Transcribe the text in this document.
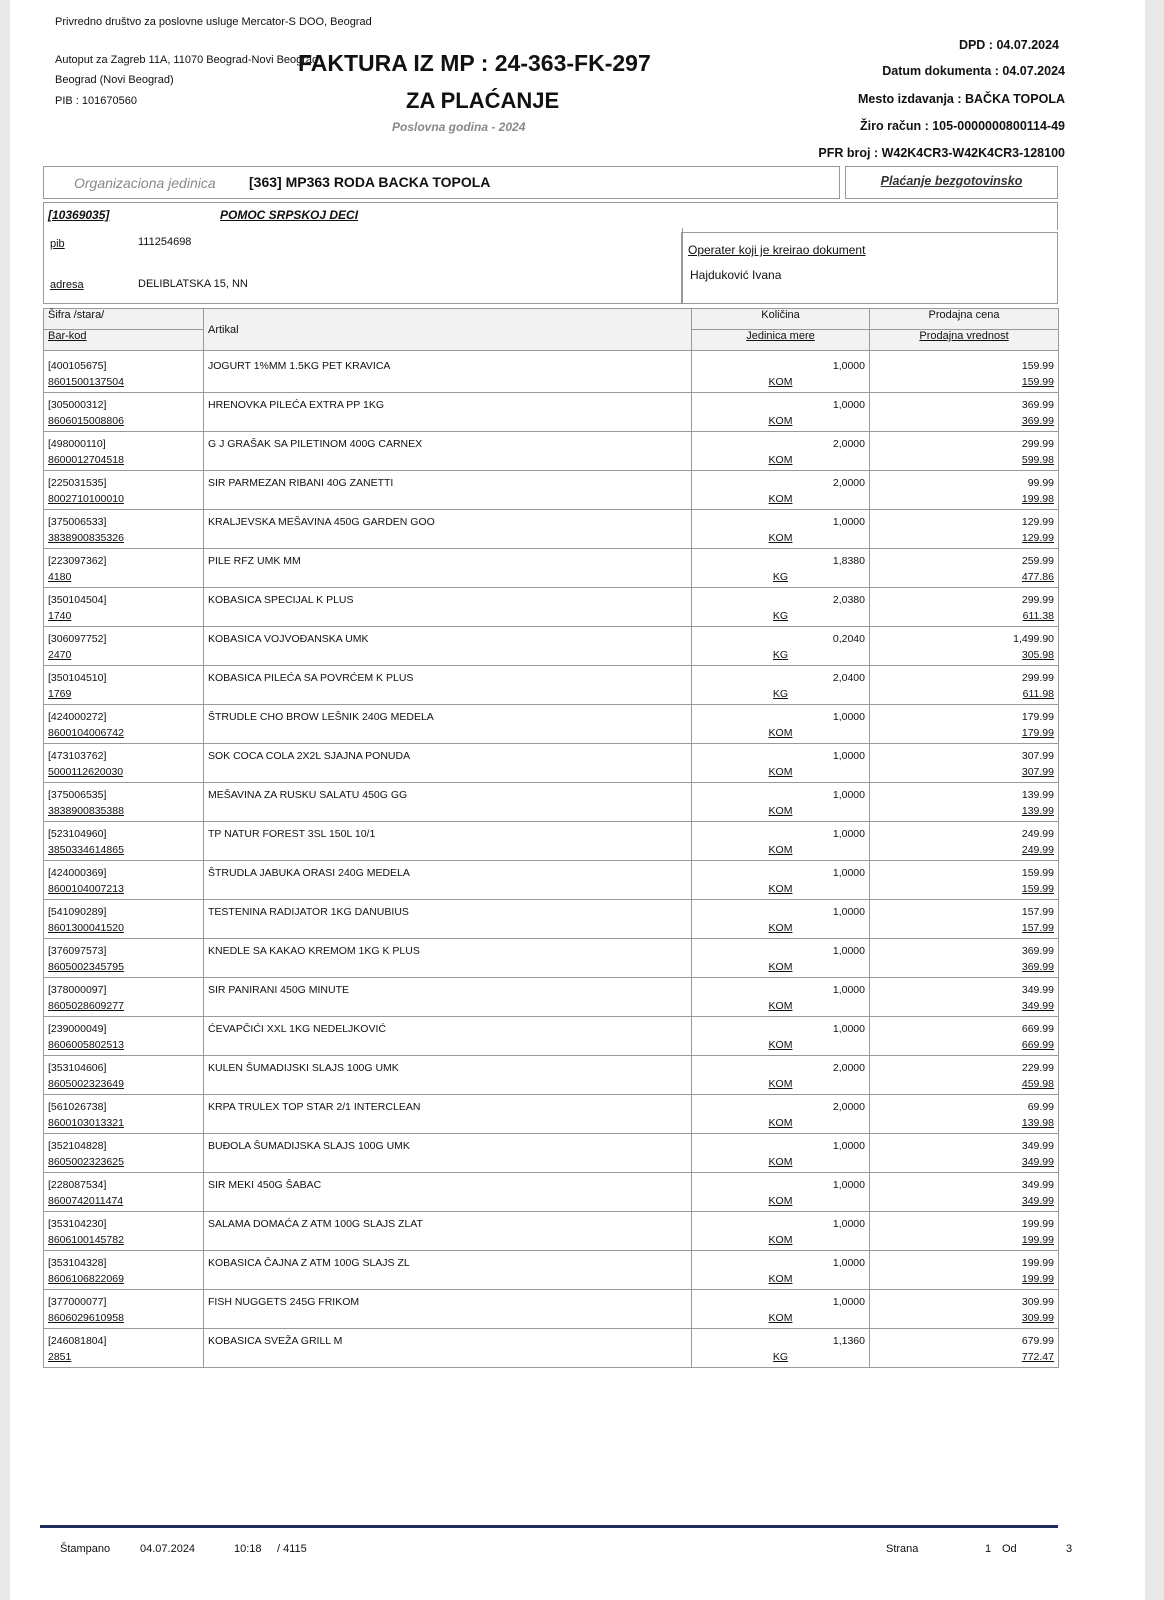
Privredno društvo za poslovne usluge Mercator-S DOO, Beograd
Autoput za Zagreb 11A, 11070 Beograd-Novi Beograd
Beograd (Novi Beograd)
PIB : 101670560
FAKTURA IZ MP : 24-363-FK-297
ZA PLAĆANJE
Poslovna godina - 2024
DPD : 04.07.2024
Datum dokumenta : 04.07.2024
Mesto izdavanja : BAČKA TOPOLA
Žiro račun : 105-0000000800114-49
PFR broj : W42K4CR3-W42K4CR3-128100
Organizaciona jedinica [363] MP363 RODA BACKA TOPOLA	Plaćanje bezgotovinsko
[10369035]	POMOC SRPSKOJ DECI
pib	111254698
adresa	DELIBLATSKA 15, NN
Operater koji je kreirao dokument
Hajduković Ivana
Šifra /stara/	Artikal	Količina	Prodajna cena
Bar-kod		Jedinica mere	Prodajna vrednost

[400105675]	JOGURT 1%MM 1.5KG PET KRAVICA	1,0000	159.99
8601500137504		KOM	159.99
[305000312]	HRENOVKA PILEĆA EXTRA PP 1KG	1,0000	369.99
8606015008806		KOM	369.99
[498000110]	G J GRAŠAK SA PILETINOM 400G CARNEX	2,0000	299.99
8600012704518		KOM	599.98
[225031535]	SIR PARMEZAN RIBANI 40G ZANETTI	2,0000	99.99
8002710100010		KOM	199.98
[375006533]	KRALJEVSKA MEŠAVINA 450G GARDEN GOO	1,0000	129.99
3838900835326		KOM	129.99
[223097362]	PILE RFZ UMK MM	1,8380	259.99
4180		KG	477.86
[350104504]	KOBASICA SPECIJAL K PLUS	2,0380	299.99
1740		KG	611.38
[306097752]	KOBASICA VOJVOĐANSKA UMK	0,2040	1,499.90
2470		KG	305.98
[350104510]	KOBASICA PILEĆA SA POVRĆEM K PLUS	2,0400	299.99
1769		KG	611.98
[424000272]	ŠTRUDLE CHO BROW LEŠNIK 240G MEDELA	1,0000	179.99
8600104006742		KOM	179.99
[473103762]	SOK COCA COLA 2X2L SJAJNA PONUDA	1,0000	307.99
5000112620030		KOM	307.99
[375006535]	MEŠAVINA ZA RUSKU SALATU 450G GG	1,0000	139.99
3838900835388		KOM	139.99
[523104960]	TP NATUR FOREST 3SL 150L 10/1	1,0000	249.99
3850334614865		KOM	249.99
[424000369]	ŠTRUDLA JABUKA ORASI 240G MEDELA	1,0000	159.99
8600104007213		KOM	159.99
[541090289]	TESTENINA RADIJATOR 1KG DANUBIUS	1,0000	157.99
8601300041520		KOM	157.99
[376097573]	KNEDLE SA KAKAO KREMOM 1KG K PLUS	1,0000	369.99
8605002345795		KOM	369.99
[378000097]	SIR PANIRANI 450G MINUTE	1,0000	349.99
8605028609277		KOM	349.99
[239000049]	ĆEVAPČIĆI XXL 1KG NEDELJKOVIĆ	1,0000	669.99
8606005802513		KOM	669.99
[353104606]	KULEN ŠUMADIJSKI SLAJS 100G UMK	2,0000	229.99
8605002323649		KOM	459.98
[561026738]	KRPA TRULEX TOP STAR 2/1 INTERCLEAN	2,0000	69.99
8600103013321		KOM	139.98
[352104828]	BUĐOLA ŠUMADIJSKA SLAJS 100G UMK	1,0000	349.99
8605002323625		KOM	349.99
[228087534]	SIR MEKI 450G ŠABAC	1,0000	349.99
8600742011474		KOM	349.99
[353104230]	SALAMA DOMAĆA Z ATM 100G SLAJS ZLAT	1,0000	199.99
8606100145782		KOM	199.99
[353104328]	KOBASICA ČAJNA Z ATM 100G SLAJS ZL	1,0000	199.99
8606106822069		KOM	199.99
[377000077]	FISH NUGGETS 245G FRIKOM	1,0000	309.99
8606029610958		KOM	309.99
[246081804]	KOBASICA SVEŽA GRILL M	1,1360	679.99
2851		KG	772.47
Štampano	04.07.2024	10:18 / 4115	Strana	1 Od	3
